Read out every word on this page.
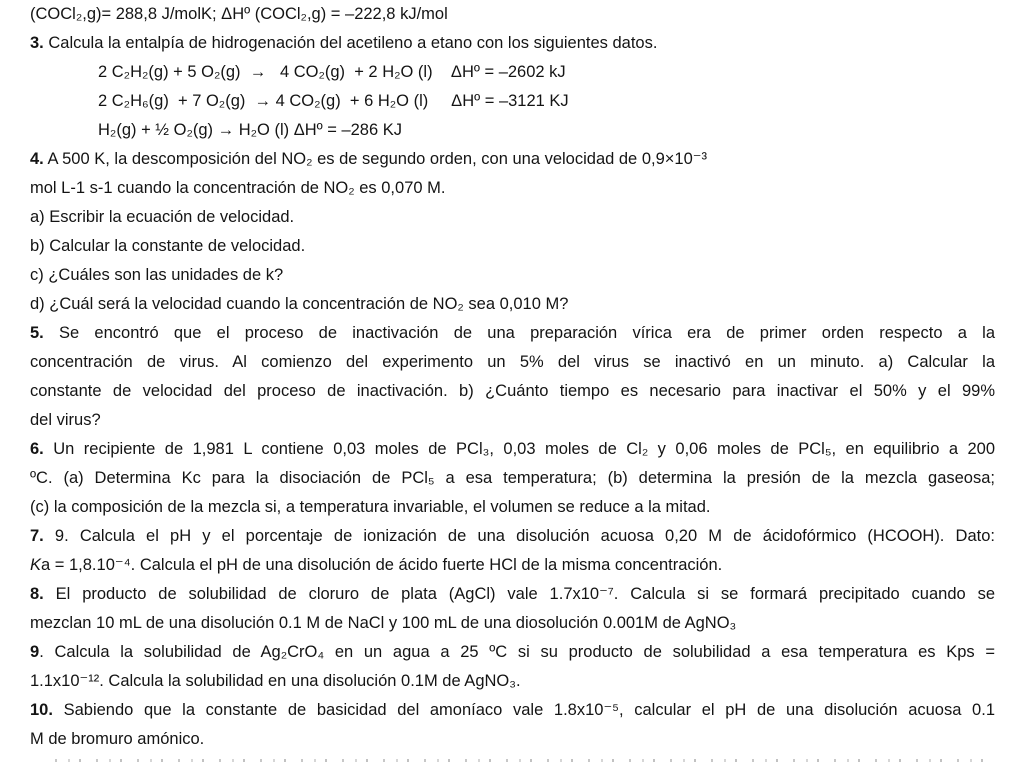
(COCl₂,g)= 288,8 J/molK; ΔHº (COCl₂,g) = –222,8 kJ/mol
3. Calcula la entalpía de hidrogenación del acetileno a etano con los siguientes datos.
2 C₂H₂(g) + 5 O₂(g)  →   4 CO₂(g)  + 2 H₂O (l)    ΔHº = –2602 kJ
2 C₂H₆(g)  + 7 O₂(g)  → 4 CO₂(g)  + 6 H₂O (l)     ΔHº = –3121 KJ
H₂(g) + ½ O₂(g) → H₂O (l) ΔHº = –286 KJ
4. A 500 K, la descomposición del NO₂ es de segundo orden, con una velocidad de 0,9×10⁻³
mol L-1 s-1 cuando la concentración de NO₂ es 0,070 M.
a) Escribir la ecuación de velocidad.
b) Calcular la constante de velocidad.
c) ¿Cuáles son las unidades de k?
d) ¿Cuál será la velocidad cuando la concentración de NO₂ sea 0,010 M?
5. Se encontró que el proceso de inactivación de una preparación vírica era de primer orden respecto a la
concentración de virus. Al comienzo del experimento un 5% del virus se inactivó en un minuto. a) Calcular la
constante de velocidad del proceso de inactivación. b) ¿Cuánto tiempo es necesario para inactivar el 50% y el 99%
del virus?
6. Un recipiente de 1,981 L contiene 0,03 moles de PCl₃, 0,03 moles de Cl₂ y 0,06 moles de PCl₅, en equilibrio a 200
ºC. (a) Determina Kc para la disociación de PCl₅ a esa temperatura; (b) determina la presión de la mezcla gaseosa;
(c) la composición de la mezcla si, a temperatura invariable, el volumen se reduce a la mitad.
7. 9. Calcula el pH y el porcentaje de ionización de una disolución acuosa 0,20 M de ácidofórmico (HCOOH). Dato:
Ka = 1,8.10⁻⁴. Calcula el pH de una disolución de ácido fuerte HCl de la misma concentración.
8. El producto de solubilidad de cloruro de plata (AgCl) vale 1.7x10⁻⁷. Calcula si se formará precipitado cuando se
mezclan 10 mL de una disolución 0.1 M de NaCl y 100 mL de una diosolución 0.001M de AgNO₃
9. Calcula la solubilidad de Ag₂CrO₄ en un agua a 25 ºC si su producto de solubilidad a esa temperatura es Kps =
1.1x10⁻¹². Calcula la solubilidad en una disolución 0.1M de AgNO₃.
10. Sabiendo que la constante de basicidad del amoníaco vale 1.8x10⁻⁵, calcular el pH de una disolución acuosa 0.1
M de bromuro amónico.
